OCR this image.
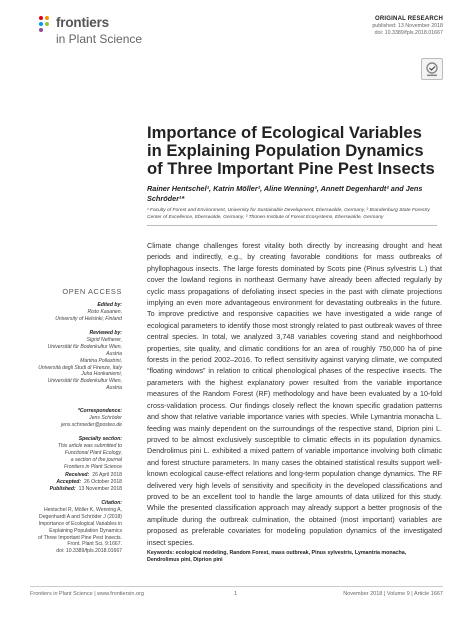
frontiers
in Plant Science
ORIGINAL RESEARCH
published: 13 November 2018
doi: 10.3389/fpls.2018.01667
OPEN ACCESS
Edited by:
Risto Kasanen,
University of Helsinki, Finland
Reviewed by:
Sigrid Netherer,
Universität für Bodenkultur Wien,
Austria
Martina Pollastrini,
Università degli Studi di Firenze, Italy
Juha Honkaniemi,
Universität für Bodenkultur Wien,
Austria
*Correspondence:
Jens Schröder
jens.schroeder@posteo.de
Specialty section:
This article was submitted to
Functional Plant Ecology,
a section of the journal
Frontiers in Plant Science
Received: 26 April 2018
Accepted: 26 October 2018
Published: 13 November 2018
Citation:
Hentschel R, Möller K, Wenning A,
Degenhardt A and Schröder J (2018)
Importance of Ecological Variables in
Explaining Population Dynamics
of Three Important Pine Pest Insects.
Front. Plant Sci. 9:1667.
doi: 10.3389/fpls.2018.01667
Importance of Ecological Variables in Explaining Population Dynamics of Three Important Pine Pest Insects
Rainer Hentschel¹, Katrin Möller², Aline Wenning², Annett Degenhardt² and Jens Schröder¹*
¹ Faculty of Forest and Environment, University for Sustainable Development, Eberswalde, Germany, ² Brandenburg State Forestry Center of Excellence, Eberswalde, Germany, ³ Thünen-Institute of Forest Ecosystems, Eberswalde, Germany
Climate change challenges forest vitality both directly by increasing drought and heat periods and indirectly, e.g., by creating favorable conditions for mass outbreaks of phyllophagous insects. The large forests dominated by Scots pine (Pinus sylvestris L.) that cover the lowland regions in northeast Germany have already been affected regularly by cyclic mass propagations of defoliating insect species in the past with climate projections implying an even more advantageous environment for devastating outbreaks in the future. To improve predictive and responsive capacities we have investigated a wide range of ecological parameters to identify those most strongly related to past outbreak waves of three central species. In total, we analyzed 3,748 variables covering stand and neighborhood properties, site quality, and climatic conditions for an area of roughly 750,000 ha of pine forests in the period 2002–2016. To reflect sensitivity against varying climate, we computed “floating windows” in relation to critical phenological phases of the respective insects. The parameters with the highest explanatory power resulted from the variable importance measures of the Random Forest (RF) methodology and have been evaluated by a 10-fold cross-validation process. Our findings closely reflect the known specific gradation patterns and show that relative variable importance varies with species. While Lymantria monacha L. feeding was mainly dependent on the surroundings of the respective stand, Diprion pini L. proved to be almost exclusively susceptible to climatic effects in its population dynamics. Dendrolimus pini L. exhibited a mixed pattern of variable importance involving both climatic and forest structure parameters. In many cases the obtained statistical results support well-known ecological cause-effect relations and long-term population change dynamics. The RF delivered very high levels of sensitivity and specificity in the developed classifications and proved to be an excellent tool to handle the large amounts of data utilized for this study. While the presented classification approach may already support a better prognosis of the amplitude during the outbreak culmination, the obtained (most important) variables are proposed as preferable covariates for modeling population dynamics of the investigated insect species.
Keywords: ecological modeling, Random Forest, mass outbreak, Pinus sylvestris, Lymantria monacha, Dendrolimus pini, Diprion pini
Frontiers in Plant Science | www.frontiersin.org	1	November 2018 | Volume 9 | Article 1667
